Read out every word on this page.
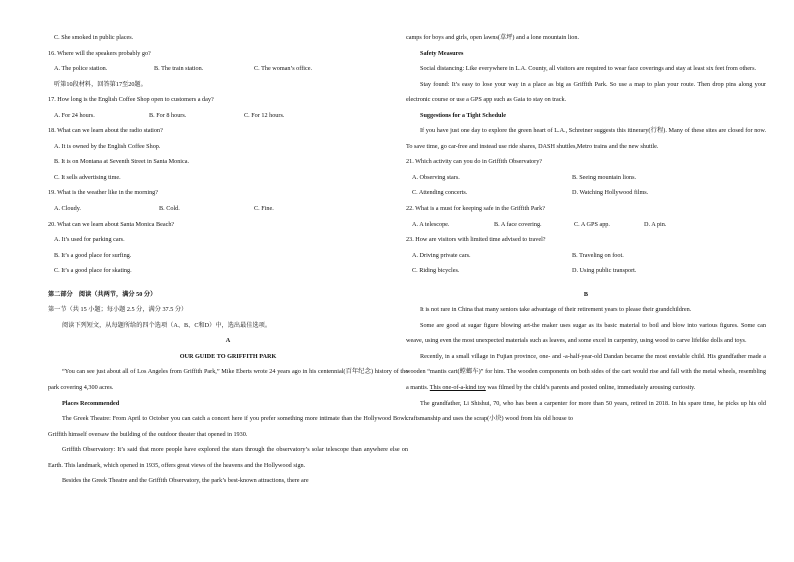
C. She smoked in public places.
16. Where will the speakers probably go?
A. The police station.	B. The train station.	C. The woman’s office.
听第10段材料，回答第17至20题。
17. How long is the English Coffee Shop open to customers a day?
A. For 24 hours.	B. For 8 hours.	C. For 12 hours.
18. What can we learn about the radio station?
A. It is owned by the English Coffee Shop.
B. It is on Montana at Seventh Street in Santa Monica.
C. It sells advertising time.
19. What is the weather like in the morning?
A. Cloudy.	B. Cold.	C. Fine.
20. What can we learn about Santa Monica Beach?
A. It’s used for parking cars.
B. It’s a good place for surfing.
C. It’s a good place for skating.
第二部分　阅读（共两节，满分 50 分）
第一节（共 15 小题；每小题 2.5 分，满分 37.5 分）
阅读下列短文，从每题所给的四个选项（A、B、C和D）中，选出最佳选项。
A
OUR GUIDE TO GRIFFITH PARK
“You can see just about all of Los Angeles from Griffith Park,” Mike Eberts wrote 24 years ago in his centennial(百年纪念) history of the park covering 4,300 acres.
Places Recommended
The Greek Theatre: From April to October you can catch a concert here if you prefer something more intimate than the Hollywood Bowl. Griffith himself oversaw the building of the outdoor theater that opened in 1930.
Griffith Observatory: It’s said that more people have explored the stars through the observatory’s solar telescope than anywhere else on Earth. This landmark, which opened in 1935, offers great views of the heavens and the Hollywood sign.
Besides the Greek Theatre and the Griffith Observatory, the park’s best-known attractions, there are
camps for boys and girls, open lawns(草坪) and a lone mountain lion.
Safety Measures
Social distancing: Like everywhere in L.A. County, all visitors are required to wear face coverings and stay at least six feet from others.
Stay found: It’s easy to lose your way in a place as big as Griffith Park. So use a map to plan your route. Then drop pins along your electronic course or use a GPS app such as Gaia to stay on track.
Suggestions for a Tight Schedule
If you have just one day to explore the green heart of L.A., Schreiner suggests this itinerary(行程). Many of these sites are closed for now. To save time, go car-free and instead use ride shares, DASH shuttles,Metro trains and the new shuttle.
21. Which activity can you do in Griffith Observatory?
A. Observing stars.	B. Seeing mountain lions.
C. Attending concerts.	D. Watching Hollywood films.
22. What is a must for keeping safe in the Griffith Park?
A. A telescope.	B. A face covering.	C. A GPS app.	D. A pin.
23. How are visitors with limited time advised to travel?
A. Driving private cars.	B. Traveling on foot.
C. Riding bicycles.	D. Using public transport.
B
It is not rare in China that many seniors take advantage of their retirement years to please their grandchildren.
Some are good at sugar figure blowing art-the maker uses sugar as its basic material to boil and blow into various figures. Some can weave, using even the most unexpected materials such as leaves, and some excel in carpentry, using wood to carve lifelike dolls and toys.
Recently, in a small village in Fujian province, one- and -a-half-year-old Dandan became the most enviable child. His grandfather made a wooden “mantis cart(螳螂车)” for him. The wooden components on both sides of the cart would rise and fall with the metal wheels, resembling a mantis. This one-of-a-kind toy was filmed by the child’s parents and posted online, immediately arousing curiosity.
The grandfather, Li Shishui, 70, who has been a carpenter for more than 50 years, retired in 2018. In his spare time, he picks up his old craftsmanship and uses the scrap(小块) wood from his old house to
